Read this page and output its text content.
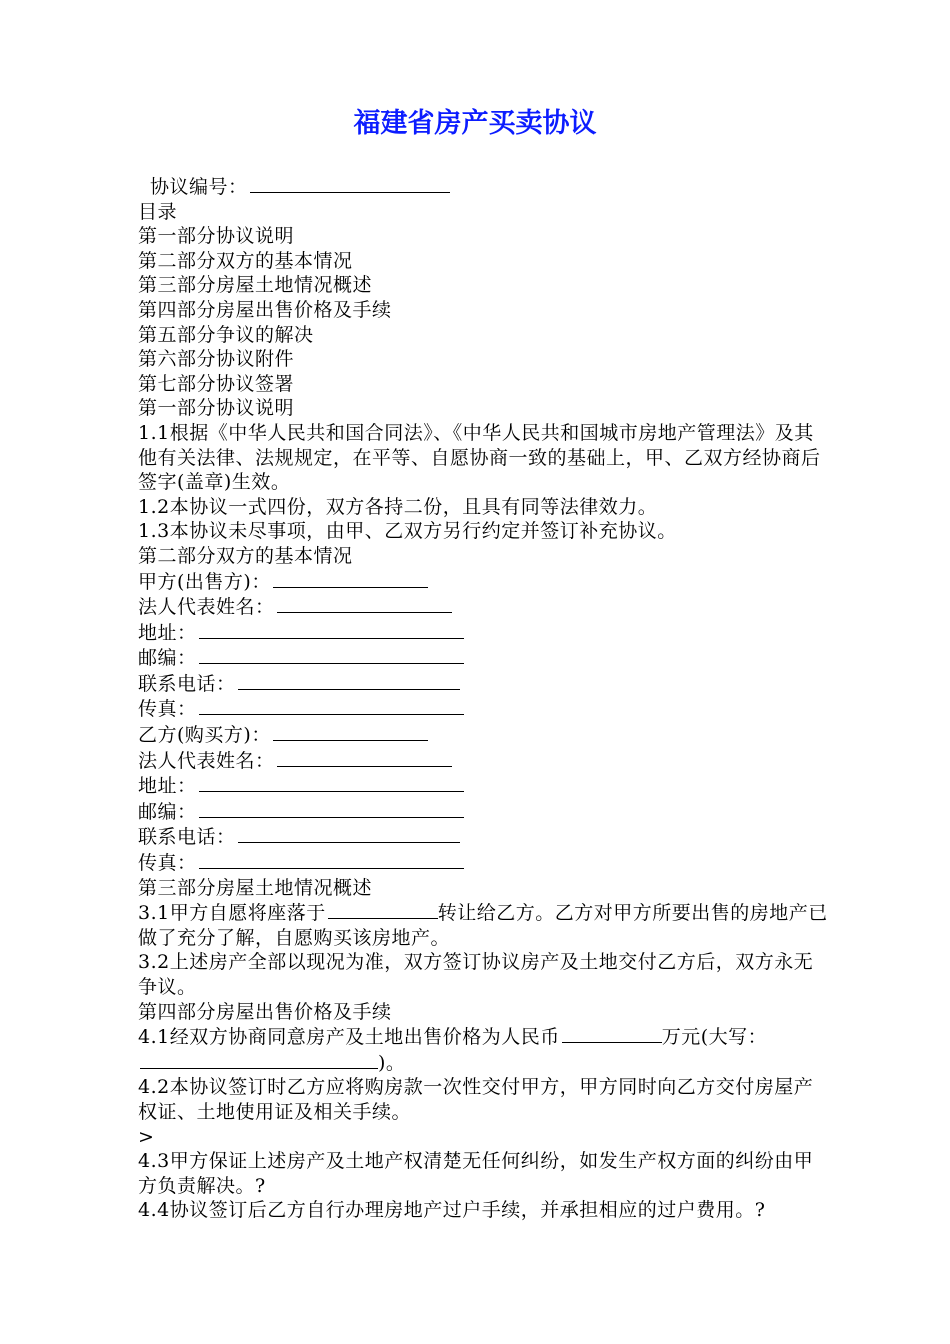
福建省房产买卖协议

协议编号：

目录

第一部分协议说明

第二部分双方的基本情况

第三部分房屋土地情况概述

第四部分房屋出售价格及手续

第五部分争议的解决

第六部分协议附件

第七部分协议签署

第一部分协议说明

1.1根据《中华人民共和国合同法》、《中华人民共和国城市房地产管理法》及其他有关法律、法规规定，在平等、自愿协商一致的基础上，甲、乙双方经协商后签字(盖章)生效。

1.2本协议一式四份，双方各持二份，且具有同等法律效力。

1.3本协议未尽事项，由甲、乙双方另行约定并签订补充协议。

第二部分双方的基本情况

甲方(出售方)：

法人代表姓名：

地址：

邮编：

联系电话：

传真：

乙方(购买方)：

法人代表姓名：

地址：

邮编：

联系电话：

传真：

第三部分房屋土地情况概述

3.1甲方自愿将座落于	转让给乙方。乙方对甲方所要出售的房地产已做了充分了解，自愿购买该房地产。

3.2上述房产全部以现况为准，双方签订协议房产及土地交付乙方后，双方永无争议。

第四部分房屋出售价格及手续

4.1经双方协商同意房产及土地出售价格为人民币	万元(大写：)。

4.2本协议签订时乙方应将购房款一次性交付甲方，甲方同时向乙方交付房屋产权证、土地使用证及相关手续。

>

4.3甲方保证上述房产及土地产权清楚无任何纠纷，如发生产权方面的纠纷由甲方负责解决。?

4.4协议签订后乙方自行办理房地产过户手续，并承担相应的过户费用。?
